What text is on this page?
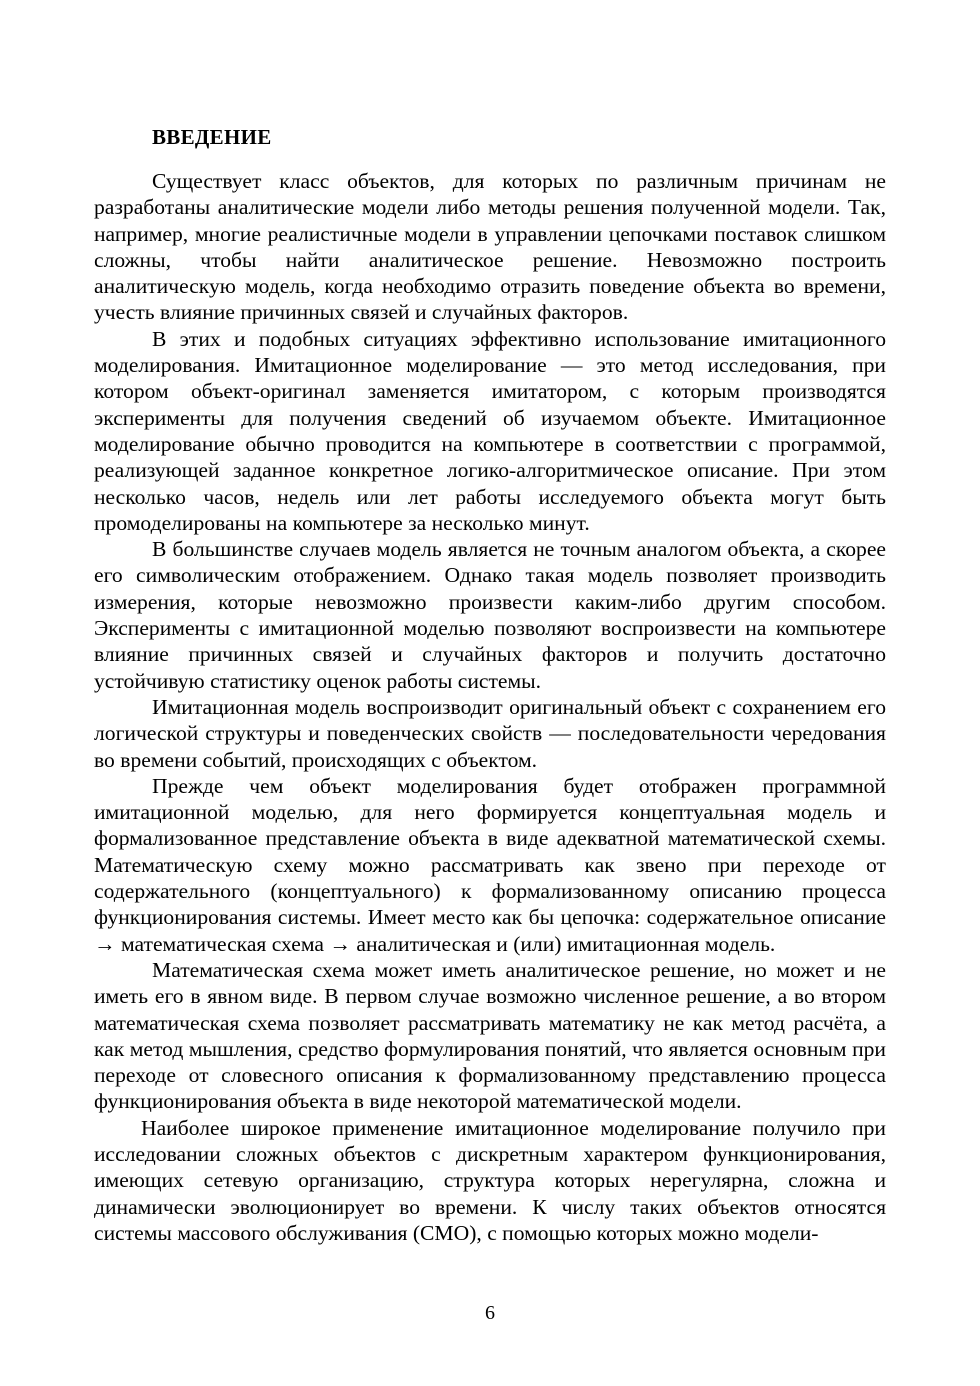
ВВЕДЕНИЕ

Существует класс объектов, для которых по различным причинам не разработаны аналитические модели либо методы решения полученной модели. Так, например, многие реалистичные модели в управлении цепочками поставок слишком сложны, чтобы найти аналитическое решение. Невозможно построить аналитическую модель, когда необходимо отразить поведение объекта во времени, учесть влияние причинных связей и случайных факторов.

В этих и подобных ситуациях эффективно использование имитационного моделирования. Имитационное моделирование — это метод исследования, при котором объект-оригинал заменяется имитатором, с которым производятся эксперименты для получения сведений об изучаемом объекте. Имитационное моделирование обычно проводится на компьютере в соответствии с программой, реализующей заданное конкретное логико-алгоритмическое описание. При этом несколько часов, недель или лет работы исследуемого объекта могут быть промоделированы на компьютере за несколько минут.

В большинстве случаев модель является не точным аналогом объекта, а скорее его символическим отображением. Однако такая модель позволяет производить измерения, которые невозможно произвести каким-либо другим способом. Эксперименты с имитационной моделью позволяют воспроизвести на компьютере влияние причинных связей и случайных факторов и получить достаточно устойчивую статистику оценок работы системы.

Имитационная модель воспроизводит оригинальный объект с сохранением его логической структуры и поведенческих свойств — последовательности чередования во времени событий, происходящих с объектом.

Прежде чем объект моделирования будет отображен программной имитационной моделью, для него формируется концептуальная модель и формализованное представление объекта в виде адекватной математической схемы. Математическую схему можно рассматривать как звено при переходе от содержательного (концептуального) к формализованному описанию процесса функционирования системы. Имеет место как бы цепочка: содержательное описание → математическая схема → аналитическая и (или) имитационная модель.

Математическая схема может иметь аналитическое решение, но может и не иметь его в явном виде. В первом случае возможно численное решение, а во втором математическая схема позволяет рассматривать математику не как метод расчёта, а как метод мышления, средство формулирования понятий, что является основным при переходе от словесного описания к формализованному представлению процесса функционирования объекта в виде некоторой математической модели.

Наиболее широкое применение имитационное моделирование получило при исследовании сложных объектов с дискретным характером функционирования, имеющих сетевую организацию, структура которых нерегулярна, сложна и динамически эволюционирует во времени. К числу таких объектов относятся системы массового обслуживания (СМО), с помощью которых можно модели-

6
